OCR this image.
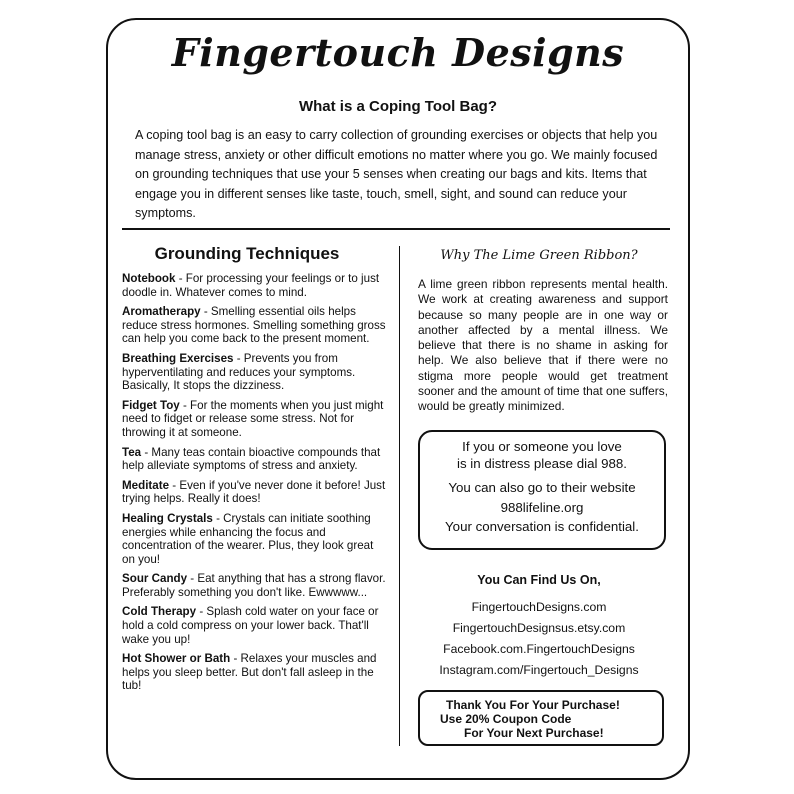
Fingertouch Designs
What is a Coping Tool Bag?

A coping tool bag is an easy to carry collection of grounding exercises or objects that help you manage stress, anxiety or other difficult emotions no matter where you go. We mainly focused on grounding techniques that use your 5 senses when creating our bags and kits. Items that engage you in different senses like taste, touch, smell, sight, and sound can reduce your symptoms.

Grounding Techniques

Notebook - For processing your feelings or to just doodle in. Whatever comes to mind.

Aromatherapy - Smelling essential oils helps reduce stress hormones. Smelling something gross can help you come back to the present moment.

Breathing Exercises - Prevents you from hyperventilating and reduces your symptoms. Basically, It stops the dizziness.

Fidget Toy - For the moments when you just might need to fidget or release some stress. Not for throwing it at someone.

Tea - Many teas contain bioactive compounds that help alleviate symptoms of stress and anxiety.

Meditate - Even if you've never done it before! Just trying helps. Really it does!

Healing Crystals - Crystals can initiate soothing energies while enhancing the focus and concentration of the wearer. Plus, they look great on you!

Sour Candy - Eat anything that has a strong flavor. Preferably something you don't like. Ewwwww...

Cold Therapy - Splash cold water on your face or hold a cold compress on your lower back. That'll wake you up!

Hot Shower or Bath - Relaxes your muscles and helps you sleep better. But don't fall asleep in the tub!

Why The Lime Green Ribbon?

A lime green ribbon represents mental health. We work at creating awareness and support because so many people are in one way or another affected by a mental illness. We believe that there is no shame in asking for help. We also believe that if there were no stigma more people would get treatment sooner and the amount of time that one suffers, would be greatly minimized.

If you or someone you love
is in distress please dial 988.
You can also go to their website
988lifeline.org
Your conversation is confidential.
You Can Find Us On,
FingertouchDesigns.com
FingertouchDesignsus.etsy.com
Facebook.com.FingertouchDesigns
Instagram.com/Fingertouch_Designs
Thank You For Your Purchase!
Use 20% Coupon Code
For Your Next Purchase!
